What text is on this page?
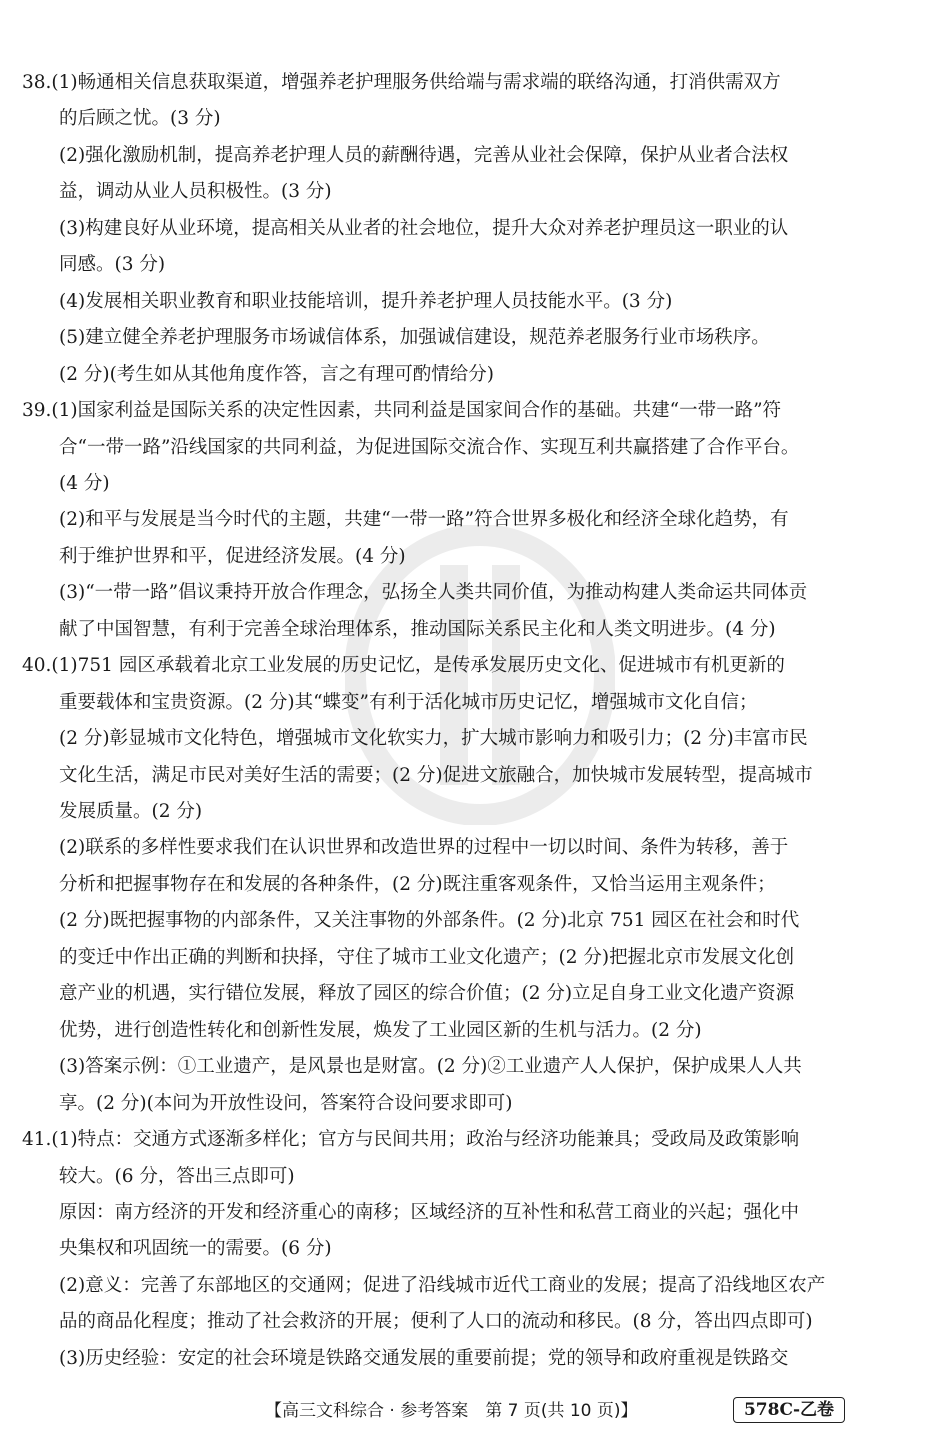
38.(1)畅通相关信息获取渠道，增强养老护理服务供给端与需求端的联络沟通，打消供需双方
的后顾之忧。(3 分)
(2)强化激励机制，提高养老护理人员的薪酬待遇，完善从业社会保障，保护从业者合法权
益，调动从业人员积极性。(3 分)
(3)构建良好从业环境，提高相关从业者的社会地位，提升大众对养老护理员这一职业的认
同感。(3 分)
(4)发展相关职业教育和职业技能培训，提升养老护理人员技能水平。(3 分)
(5)建立健全养老护理服务市场诚信体系，加强诚信建设，规范养老服务行业市场秩序。
(2 分)(考生如从其他角度作答，言之有理可酌情给分)
39.(1)国家利益是国际关系的决定性因素，共同利益是国家间合作的基础。共建“一带一路”符
合“一带一路”沿线国家的共同利益，为促进国际交流合作、实现互利共赢搭建了合作平台。
(4 分)
(2)和平与发展是当今时代的主题，共建“一带一路”符合世界多极化和经济全球化趋势，有
利于维护世界和平，促进经济发展。(4 分)
(3)“一带一路”倡议秉持开放合作理念，弘扬全人类共同价值，为推动构建人类命运共同体贡
献了中国智慧，有利于完善全球治理体系，推动国际关系民主化和人类文明进步。(4 分)
40.(1)751 园区承载着北京工业发展的历史记忆，是传承发展历史文化、促进城市有机更新的
重要载体和宝贵资源。(2 分)其“蝶变”有利于活化城市历史记忆，增强城市文化自信；
(2 分)彰显城市文化特色，增强城市文化软实力，扩大城市影响力和吸引力；(2 分)丰富市民
文化生活，满足市民对美好生活的需要；(2 分)促进文旅融合，加快城市发展转型，提高城市
发展质量。(2 分)
(2)联系的多样性要求我们在认识世界和改造世界的过程中一切以时间、条件为转移，善于
分析和把握事物存在和发展的各种条件，(2 分)既注重客观条件，又恰当运用主观条件；
(2 分)既把握事物的内部条件，又关注事物的外部条件。(2 分)北京 751 园区在社会和时代
的变迁中作出正确的判断和抉择，守住了城市工业文化遗产；(2 分)把握北京市发展文化创
意产业的机遇，实行错位发展，释放了园区的综合价值；(2 分)立足自身工业文化遗产资源
优势，进行创造性转化和创新性发展，焕发了工业园区新的生机与活力。(2 分)
(3)答案示例：①工业遗产，是风景也是财富。(2 分)②工业遗产人人保护，保护成果人人共
享。(2 分)(本问为开放性设问，答案符合设问要求即可)
41.(1)特点：交通方式逐渐多样化；官方与民间共用；政治与经济功能兼具；受政局及政策影响
较大。(6 分，答出三点即可)
原因：南方经济的开发和经济重心的南移；区域经济的互补性和私营工商业的兴起；强化中
央集权和巩固统一的需要。(6 分)
(2)意义：完善了东部地区的交通网；促进了沿线城市近代工商业的发展；提高了沿线地区农产
品的商品化程度；推动了社会救济的开展；便利了人口的流动和移民。(8 分，答出四点即可)
(3)历史经验：安定的社会环境是铁路交通发展的重要前提；党的领导和政府重视是铁路交
【高三文科综合 · 参考答案　第 7 页(共 10 页)】	578C-乙卷
